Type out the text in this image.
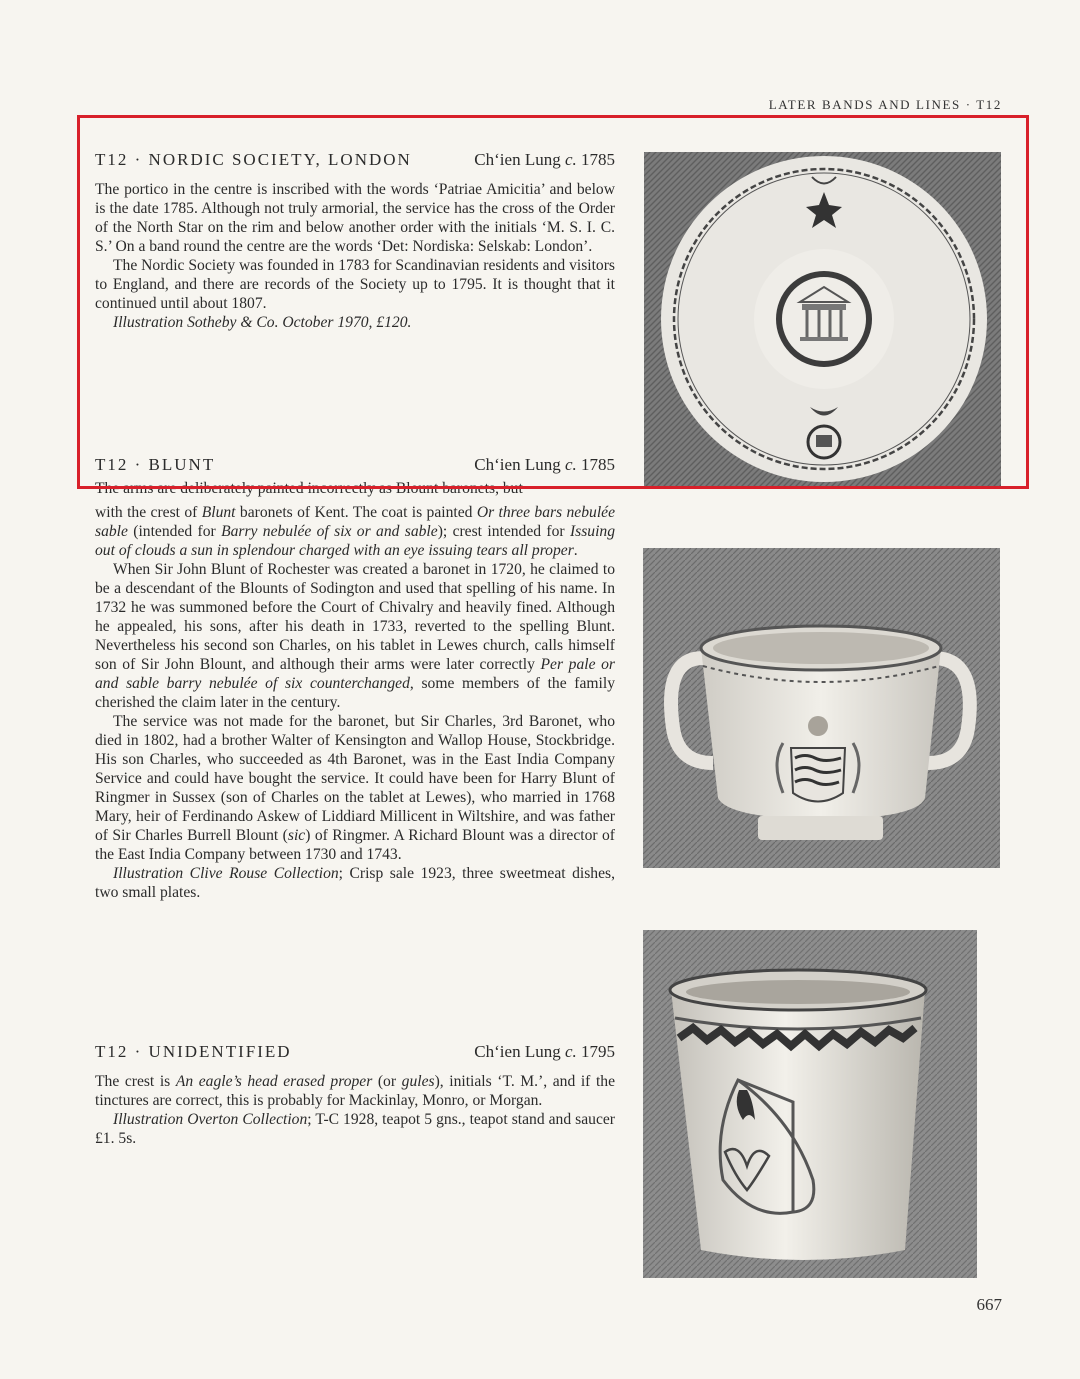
LATER BANDS AND LINES · T12
T12 · NORDIC SOCIETY, LONDON	Ch‘ien Lung c. 1785

The portico in the centre is inscribed with the words ‘Patriae Amicitia’ and below is the date 1785. Although not truly armorial, the service has the cross of the Order of the North Star on the rim and below another order with the initials ‘M. S. I. C. S.’ On a band round the centre are the words ‘Det: Nordiska: Selskab: London’.

The Nordic Society was founded in 1783 for Scandinavian residents and visitors to England, and there are records of the Society up to 1795. It is thought that it continued until about 1807.

Illustration Sotheby & Co. October 1970, £120.

T12 · BLUNT	Ch‘ien Lung c. 1785
The arms are deliberately painted incorrectly as Blount baronets, but

with the crest of Blunt baronets of Kent. The coat is painted Or three bars nebulée sable (intended for Barry nebulée of six or and sable); crest intended for Issuing out of clouds a sun in splendour charged with an eye issuing tears all proper.

When Sir John Blunt of Rochester was created a baronet in 1720, he claimed to be a descendant of the Blounts of Sodington and used that spelling of his name. In 1732 he was summoned before the Court of Chivalry and heavily fined. Although he appealed, his sons, after his death in 1733, reverted to the spelling Blunt. Nevertheless his second son Charles, on his tablet in Lewes church, calls himself son of Sir John Blount, and although their arms were later correctly Per pale or and sable barry nebulée of six counterchanged, some members of the family cherished the claim later in the century.

The service was not made for the baronet, but Sir Charles, 3rd Baronet, who died in 1802, had a brother Walter of Kensington and Wallop House, Stockbridge. His son Charles, who succeeded as 4th Baronet, was in the East India Company Service and could have bought the service. It could have been for Harry Blunt of Ringmer in Sussex (son of Charles on the tablet at Lewes), who married in 1768 Mary, heir of Ferdinando Askew of Liddiard Millicent in Wiltshire, and was father of Sir Charles Burrell Blount (sic) of Ringmer. A Richard Blount was a director of the East India Company between 1730 and 1743.

Illustration Clive Rouse Collection; Crisp sale 1923, three sweetmeat dishes, two small plates.

T12 · UNIDENTIFIED	Ch‘ien Lung c. 1795

The crest is An eagle’s head erased proper (or gules), initials ‘T. M.’, and if the tinctures are correct, this is probably for Mackinlay, Monro, or Morgan.

Illustration Overton Collection; T-C 1928, teapot 5 gns., teapot stand and saucer £1. 5s.

667
